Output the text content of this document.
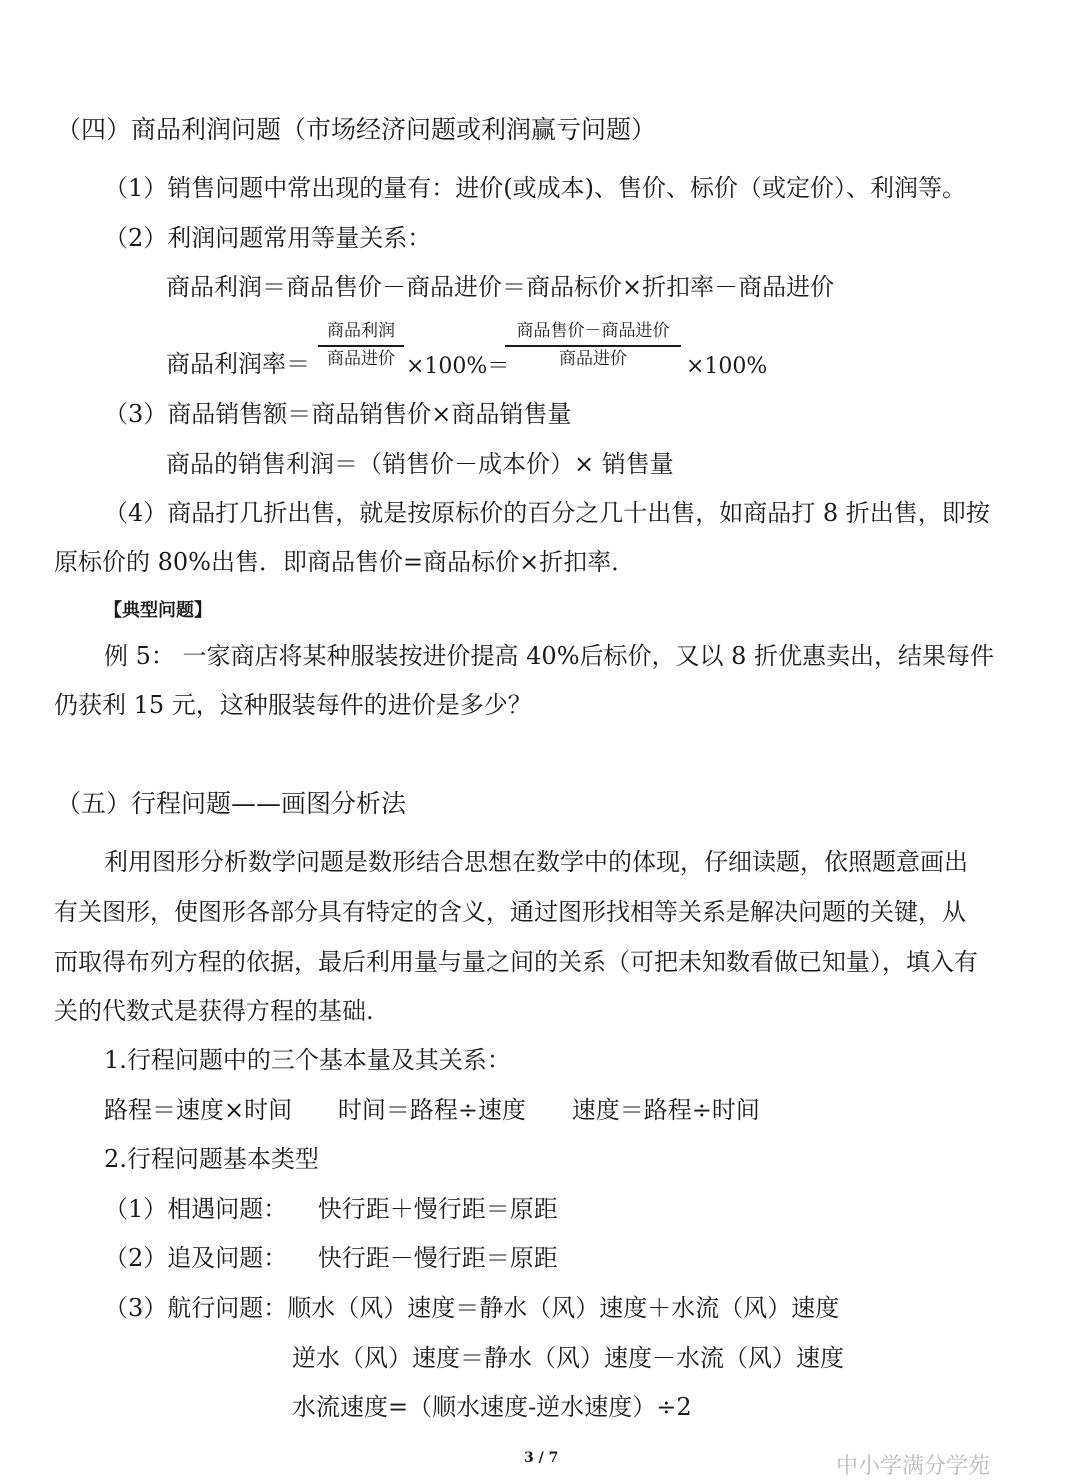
（四）商品利润问题（市场经济问题或利润赢亏问题）
（1）销售问题中常出现的量有：进价(或成本)、售价、标价（或定价）、利润等。
（2）利润问题常用等量关系：
商品利润＝商品售价－商品进价＝商品标价×折扣率－商品进价
商品利润率＝
商品利润
商品进价 ×100%＝
商品售价－商品进价
商品进价	×100%
（3）商品销售额＝商品销售价×商品销售量
商品的销售利润＝（销售价－成本价）× 销售量
（4）商品打几折出售，就是按原标价的百分之几十出售，如商品打 8 折出售，即按
原标价的 80%出售．即商品售价=商品标价×折扣率．
【典型问题】
例 5： 一家商店将某种服装按进价提高 40%后标价，又以 8 折优惠卖出，结果每件
仍获利 15 元，这种服装每件的进价是多少？
（五）行程问题——画图分析法
利用图形分析数学问题是数形结合思想在数学中的体现，仔细读题，依照题意画出
有关图形，使图形各部分具有特定的含义，通过图形找相等关系是解决问题的关键，从
而取得布列方程的依据，最后利用量与量之间的关系（可把未知数看做已知量），填入有
关的代数式是获得方程的基础.
1.行程问题中的三个基本量及其关系：
路程＝速度×时间      时间＝路程÷速度      速度＝路程÷时间
2.行程问题基本类型
（1）相遇问题：    快行距＋慢行距＝原距
（2）追及问题：    快行距－慢行距＝原距
（3）航行问题：顺水（风）速度＝静水（风）速度＋水流（风）速度
逆水（风）速度＝静水（风）速度－水流（风）速度
水流速度=（顺水速度-逆水速度）÷2
3 / 7	中小学满分学苑
